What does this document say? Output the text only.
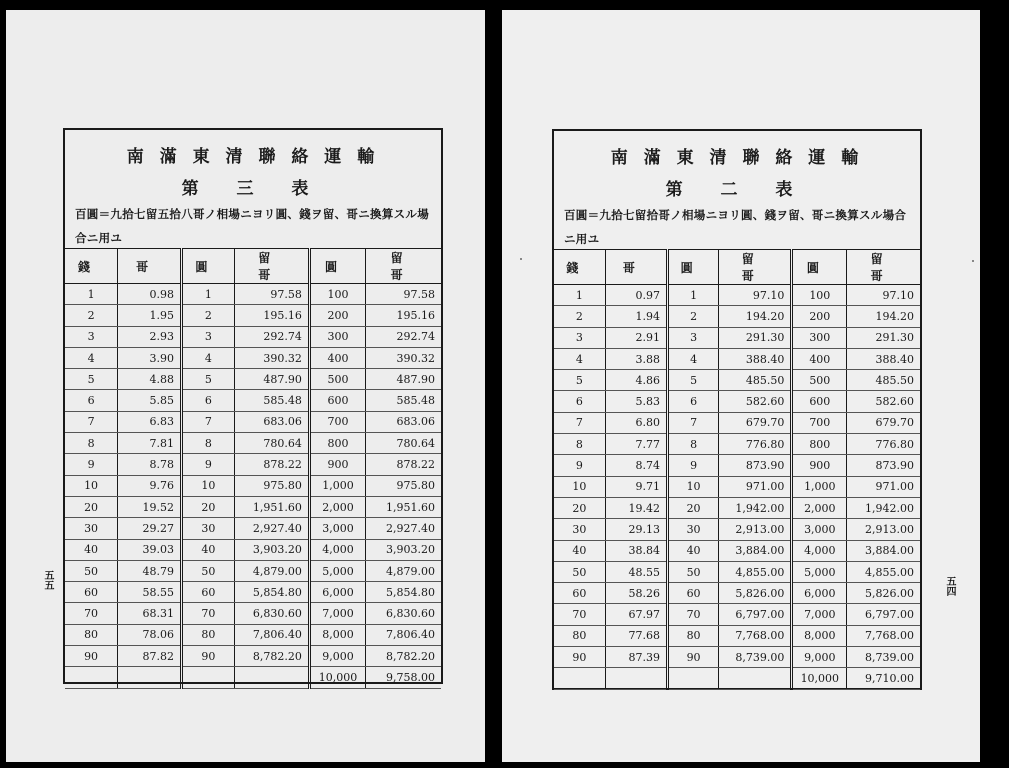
南 滿 東 清 聯 絡 運 輸
第 三 表
百圓＝九拾七留五拾八哥ノ相場ニヨリ圓、錢ヲ留、哥ニ換算スル場合ニ用ユ
錢	哥	圓	留　哥	圓	留　哥
1	0.98	1	97.58	100	97.58
2	1.95	2	195.16	200	195.16
3	2.93	3	292.74	300	292.74
4	3.90	4	390.32	400	390.32
5	4.88	5	487.90	500	487.90
6	5.85	6	585.48	600	585.48
7	6.83	7	683.06	700	683.06
8	7.81	8	780.64	800	780.64
9	8.78	9	878.22	900	878.22
10	9.76	10	975.80	1,000	975.80
20	19.52	20	1,951.60	2,000	1,951.60
30	29.27	30	2,927.40	3,000	2,927.40
40	39.03	40	3,903.20	4,000	3,903.20
50	48.79	50	4,879.00	5,000	4,879.00
60	58.55	60	5,854.80	6,000	5,854.80
70	68.31	70	6,830.60	7,000	6,830.60
80	78.06	80	7,806.40	8,000	7,806.40
90	87.82	90	8,782.20	9,000	8,782.20
				10,000	9,758.00
五五
南 滿 東 清 聯 絡 運 輸
第 二 表
百圓＝九拾七留拾哥ノ相場ニヨリ圓、錢ヲ留、哥ニ換算スル場合ニ用ユ
錢	哥	圓	留　哥	圓	留　哥
1	0.97	1	97.10	100	97.10
2	1.94	2	194.20	200	194.20
3	2.91	3	291.30	300	291.30
4	3.88	4	388.40	400	388.40
5	4.86	5	485.50	500	485.50
6	5.83	6	582.60	600	582.60
7	6.80	7	679.70	700	679.70
8	7.77	8	776.80	800	776.80
9	8.74	9	873.90	900	873.90
10	9.71	10	971.00	1,000	971.00
20	19.42	20	1,942.00	2,000	1,942.00
30	29.13	30	2,913.00	3,000	2,913.00
40	38.84	40	3,884.00	4,000	3,884.00
50	48.55	50	4,855.00	5,000	4,855.00
60	58.26	60	5,826.00	6,000	5,826.00
70	67.97	70	6,797.00	7,000	6,797.00
80	77.68	80	7,768.00	8,000	7,768.00
90	87.39	90	8,739.00	9,000	8,739.00
				10,000	9,710.00
五四
